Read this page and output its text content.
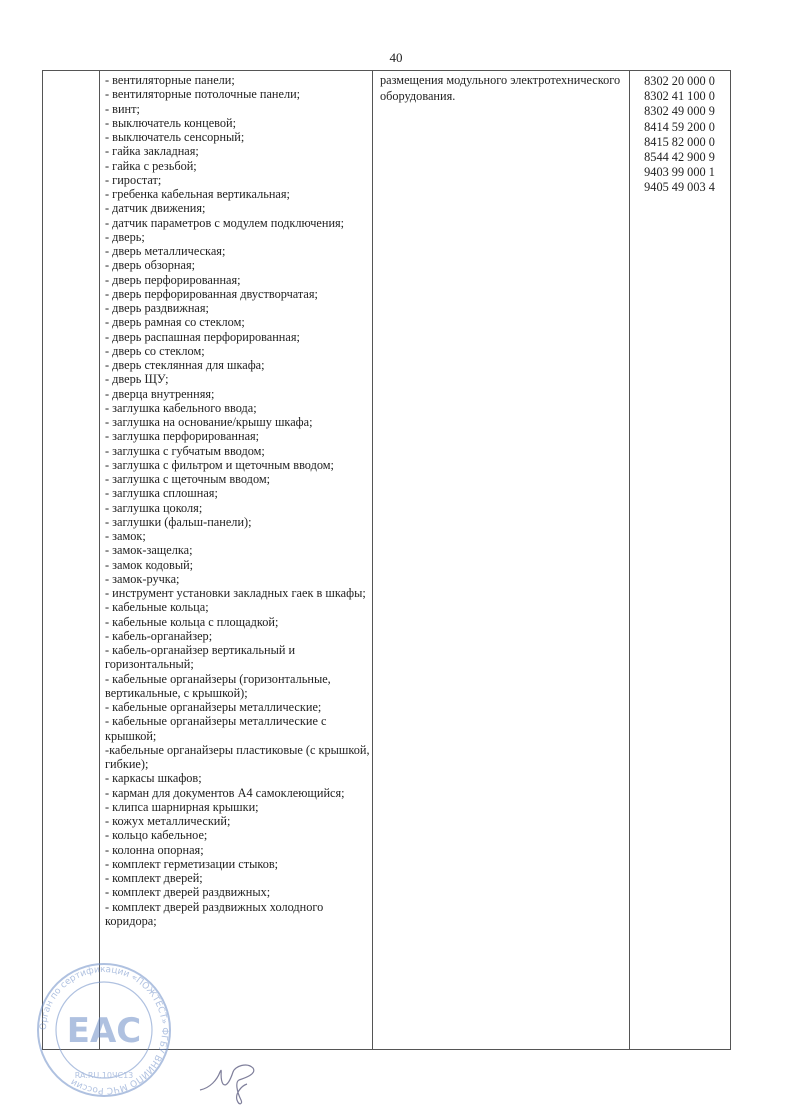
40
- вентиляторные панели;
- вентиляторные потолочные панели;
- винт;
- выключатель концевой;
- выключатель сенсорный;
- гайка закладная;
- гайка с резьбой;
- гиростат;
- гребенка кабельная вертикальная;
- датчик движения;
- датчик параметров с модулем подключения;
- дверь;
- дверь металлическая;
- дверь обзорная;
- дверь перфорированная;
- дверь перфорированная двустворчатая;
- дверь раздвижная;
- дверь рамная со стеклом;
- дверь распашная перфорированная;
- дверь со стеклом;
- дверь стеклянная для шкафа;
- дверь ЩУ;
- дверца внутренняя;
- заглушка кабельного ввода;
- заглушка на основание/крышу шкафа;
- заглушка перфорированная;
- заглушка с губчатым вводом;
- заглушка с фильтром и щеточным вводом;
- заглушка с щеточным вводом;
- заглушка сплошная;
- заглушка цоколя;
- заглушки (фальш-панели);
- замок;
- замок-защелка;
- замок кодовый;
- замок-ручка;
- инструмент установки закладных гаек в шкафы;
- кабельные кольца;
- кабельные кольца с площадкой;
- кабель-органайзер;
- кабель-органайзер вертикальный и горизонтальный;
- кабельные органайзеры (горизонтальные, вертикальные, с крышкой);
- кабельные органайзеры металлические;
- кабельные органайзеры металлические с крышкой;
-кабельные органайзеры пластиковые (с крышкой, гибкие);
- каркасы шкафов;
- карман для документов А4 самоклеющийся;
- клипса шарнирная крышки;
- кожух металлический;
- кольцо кабельное;
- колонна опорная;
- комплект герметизации стыков;
- комплект дверей;
- комплект дверей раздвижных;
- комплект дверей раздвижных холодного коридора;
размещения модульного электротехнического оборудования.
8302 20 000 0
8302 41 100 0
8302 49 000 9
8414 59 200 0
8415 82 000 0
8544 42 900 9
9403 99 000 1
9405 49 003 4
Орган по сертификации «ПОЖТЕСТ» ФГБУ ВНИИПО МЧС России
ЕАС
RA.RU.10ЧС13
